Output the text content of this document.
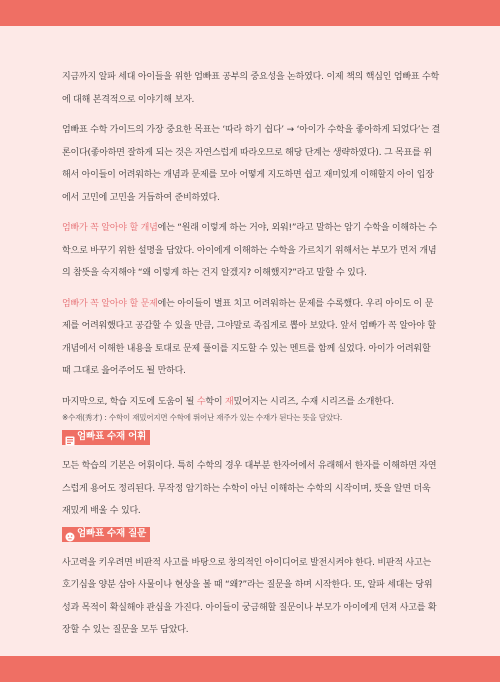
지금까지 알파 세대 아이들을 위한 엄빠표 공부의 중요성을 논하였다. 이제 책의 핵심인 엄빠표 수학에 대해 본격적으로 이야기해 보자.

엄빠표 수학 가이드의 가장 중요한 목표는 ‘따라 하기 쉽다’ → ‘아이가 수학을 좋아하게 되었다’는 결론이다(좋아하면 잘하게 되는 것은 자연스럽게 따라오므로 해당 단계는 생략하였다). 그 목표를 위해서 아이들이 어려워하는 개념과 문제를 모아 어떻게 지도하면 쉽고 재미있게 이해할지 아이 입장에서 고민에 고민을 거듭하여 준비하였다.

엄빠가 꼭 알아야 할 개념에는 “원래 이렇게 하는 거야, 외워!”라고 말하는 암기 수학을 이해하는 수학으로 바꾸기 위한 설명을 담았다. 아이에게 이해하는 수학을 가르치기 위해서는 부모가 먼저 개념의 참뜻을 숙지해야 “왜 이렇게 하는 건지 알겠지? 이해했지?”라고 말할 수 있다.

엄빠가 꼭 알아야 할 문제에는 아이들이 별표 치고 어려워하는 문제를 수록했다. 우리 아이도 이 문제를 어려워했다고 공감할 수 있을 만큼, 그야말로 족집게로 뽑아 보았다. 앞서 엄빠가 꼭 알아야 할 개념에서 이해한 내용을 토대로 문제 풀이를 지도할 수 있는 멘트를 함께 실었다. 아이가 어려워할 때 그대로 읊어주어도 될 만하다.

마지막으로, 학습 지도에 도움이 될 수학이 재밌어지는 시리즈, 수재 시리즈를 소개한다.

※수재(秀才) : 수학이 재밌어지면 수학에 뛰어난 재주가 있는 수재가 된다는 뜻을 담았다.

엄빠표 수재 어휘

모든 학습의 기본은 어휘이다. 특히 수학의 경우 대부분 한자어에서 유래해서 한자를 이해하면 자연스럽게 용어도 정리된다. 무작정 암기하는 수학이 아닌 이해하는 수학의 시작이며, 뜻을 알면 더욱 재밌게 배울 수 있다.

엄빠표 수재 질문

사고력을 키우려면 비판적 사고를 바탕으로 창의적인 아이디어로 발전시켜야 한다. 비판적 사고는 호기심을 양분 삼아 사물이나 현상을 볼 때 “왜?”라는 질문을 하며 시작한다. 또, 알파 세대는 당위성과 목적이 확실해야 관심을 가진다. 아이들이 궁금해할 질문이나 부모가 아이에게 던져 사고를 확장할 수 있는 질문을 모두 담았다.
